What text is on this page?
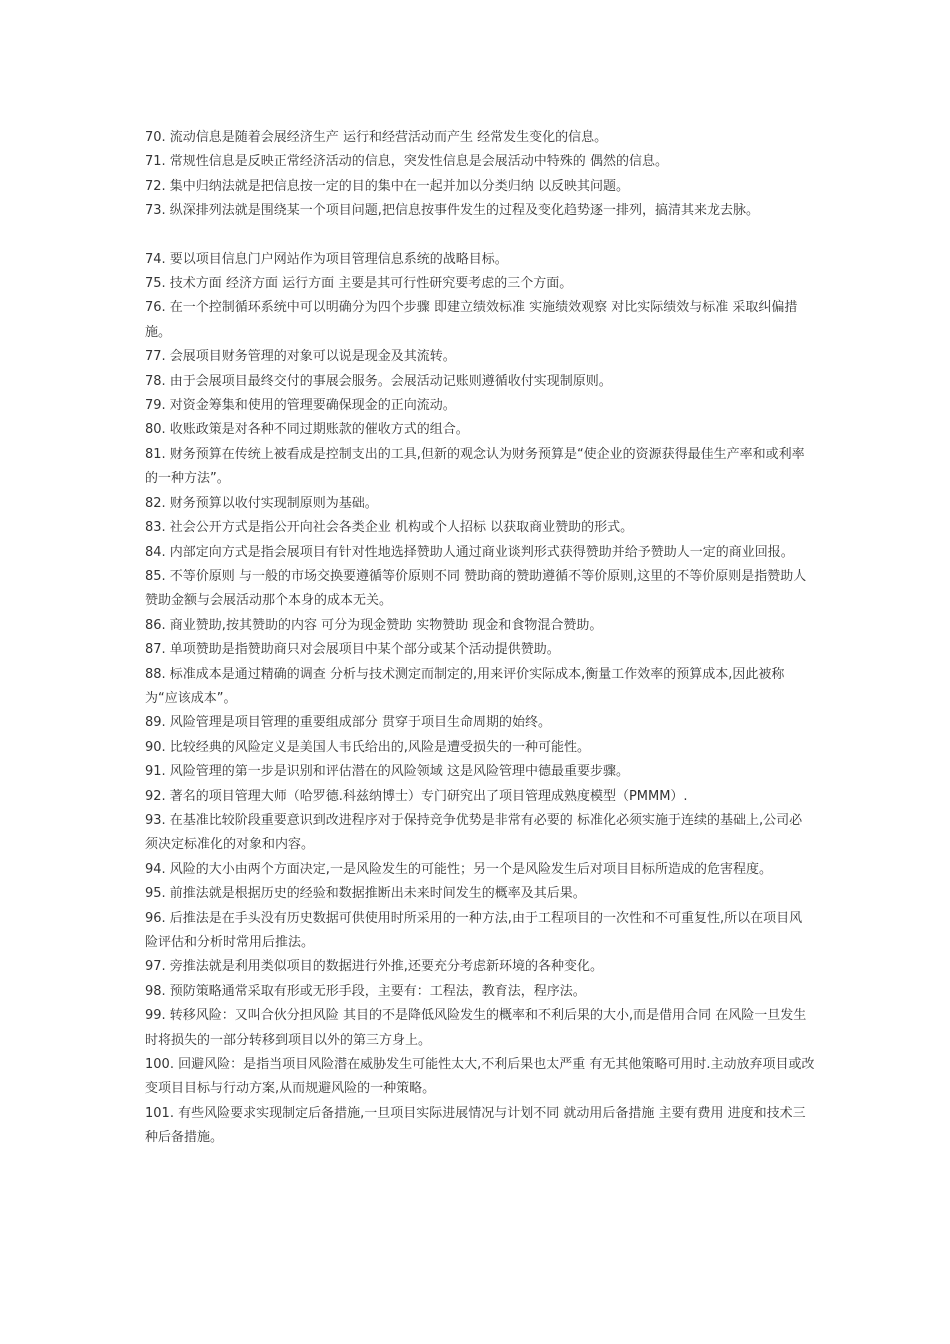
70. 流动信息是随着会展经济生产 运行和经营活动而产生 经常发生变化的信息。

71. 常规性信息是反映正常经济活动的信息，突发性信息是会展活动中特殊的 偶然的信息。

72. 集中归纳法就是把信息按一定的目的集中在一起并加以分类归纳 以反映其问题。

73. 纵深排列法就是围绕某一个项目问题,把信息按事件发生的过程及变化趋势逐一排列，搞清其来龙去脉。

74. 要以项目信息门户网站作为项目管理信息系统的战略目标。

75. 技术方面 经济方面 运行方面 主要是其可行性研究要考虑的三个方面。

76. 在一个控制循环系统中可以明确分为四个步骤 即建立绩效标准 实施绩效观察 对比实际绩效与标准 采取纠偏措施。

77. 会展项目财务管理的对象可以说是现金及其流转。

78. 由于会展项目最终交付的事展会服务。会展活动记账则遵循收付实现制原则。

79. 对资金筹集和使用的管理要确保现金的正向流动。

80. 收账政策是对各种不同过期账款的催收方式的组合。

81. 财务预算在传统上被看成是控制支出的工具,但新的观念认为财务预算是“使企业的资源获得最佳生产率和或利率的一种方法”。

82. 财务预算以收付实现制原则为基础。

83. 社会公开方式是指公开向社会各类企业 机构或个人招标 以获取商业赞助的形式。

84. 内部定向方式是指会展项目有针对性地选择赞助人通过商业谈判形式获得赞助并给予赞助人一定的商业回报。

85. 不等价原则 与一般的市场交换要遵循等价原则不同 赞助商的赞助遵循不等价原则,这里的不等价原则是指赞助人赞助金额与会展活动那个本身的成本无关。

86. 商业赞助,按其赞助的内容 可分为现金赞助 实物赞助 现金和食物混合赞助。

87. 单项赞助是指赞助商只对会展项目中某个部分或某个活动提供赞助。

88. 标准成本是通过精确的调查 分析与技术测定而制定的,用来评价实际成本,衡量工作效率的预算成本,因此被称为“应该成本”。

89. 风险管理是项目管理的重要组成部分 贯穿于项目生命周期的始终。

90. 比较经典的风险定义是美国人韦氏给出的,风险是遭受损失的一种可能性。

91. 风险管理的第一步是识别和评估潜在的风险领域 这是风险管理中德最重要步骤。

92. 著名的项目管理大师（哈罗德.科兹纳博士）专门研究出了项目管理成熟度模型（PMMM）.

93. 在基准比较阶段重要意识到改进程序对于保持竞争优势是非常有必要的 标准化必须实施于连续的基础上,公司必须决定标准化的对象和内容。

94. 风险的大小由两个方面决定,一是风险发生的可能性；另一个是风险发生后对项目目标所造成的危害程度。

95. 前推法就是根据历史的经验和数据推断出未来时间发生的概率及其后果。

96. 后推法是在手头没有历史数据可供使用时所采用的一种方法,由于工程项目的一次性和不可重复性,所以在项目风险评估和分析时常用后推法。

97. 旁推法就是利用类似项目的数据进行外推,还要充分考虑新环境的各种变化。

98. 预防策略通常采取有形或无形手段，主要有：工程法，教育法，程序法。

99. 转移风险：又叫合伙分担风险 其目的不是降低风险发生的概率和不利后果的大小,而是借用合同 在风险一旦发生时将损失的一部分转移到项目以外的第三方身上。

100. 回避风险：是指当项目风险潜在威胁发生可能性太大,不利后果也太严重 有无其他策略可用时.主动放弃项目或改变项目目标与行动方案,从而规避风险的一种策略。

101. 有些风险要求实现制定后备措施,一旦项目实际进展情况与计划不同 就动用后备措施 主要有费用 进度和技术三种后备措施。
